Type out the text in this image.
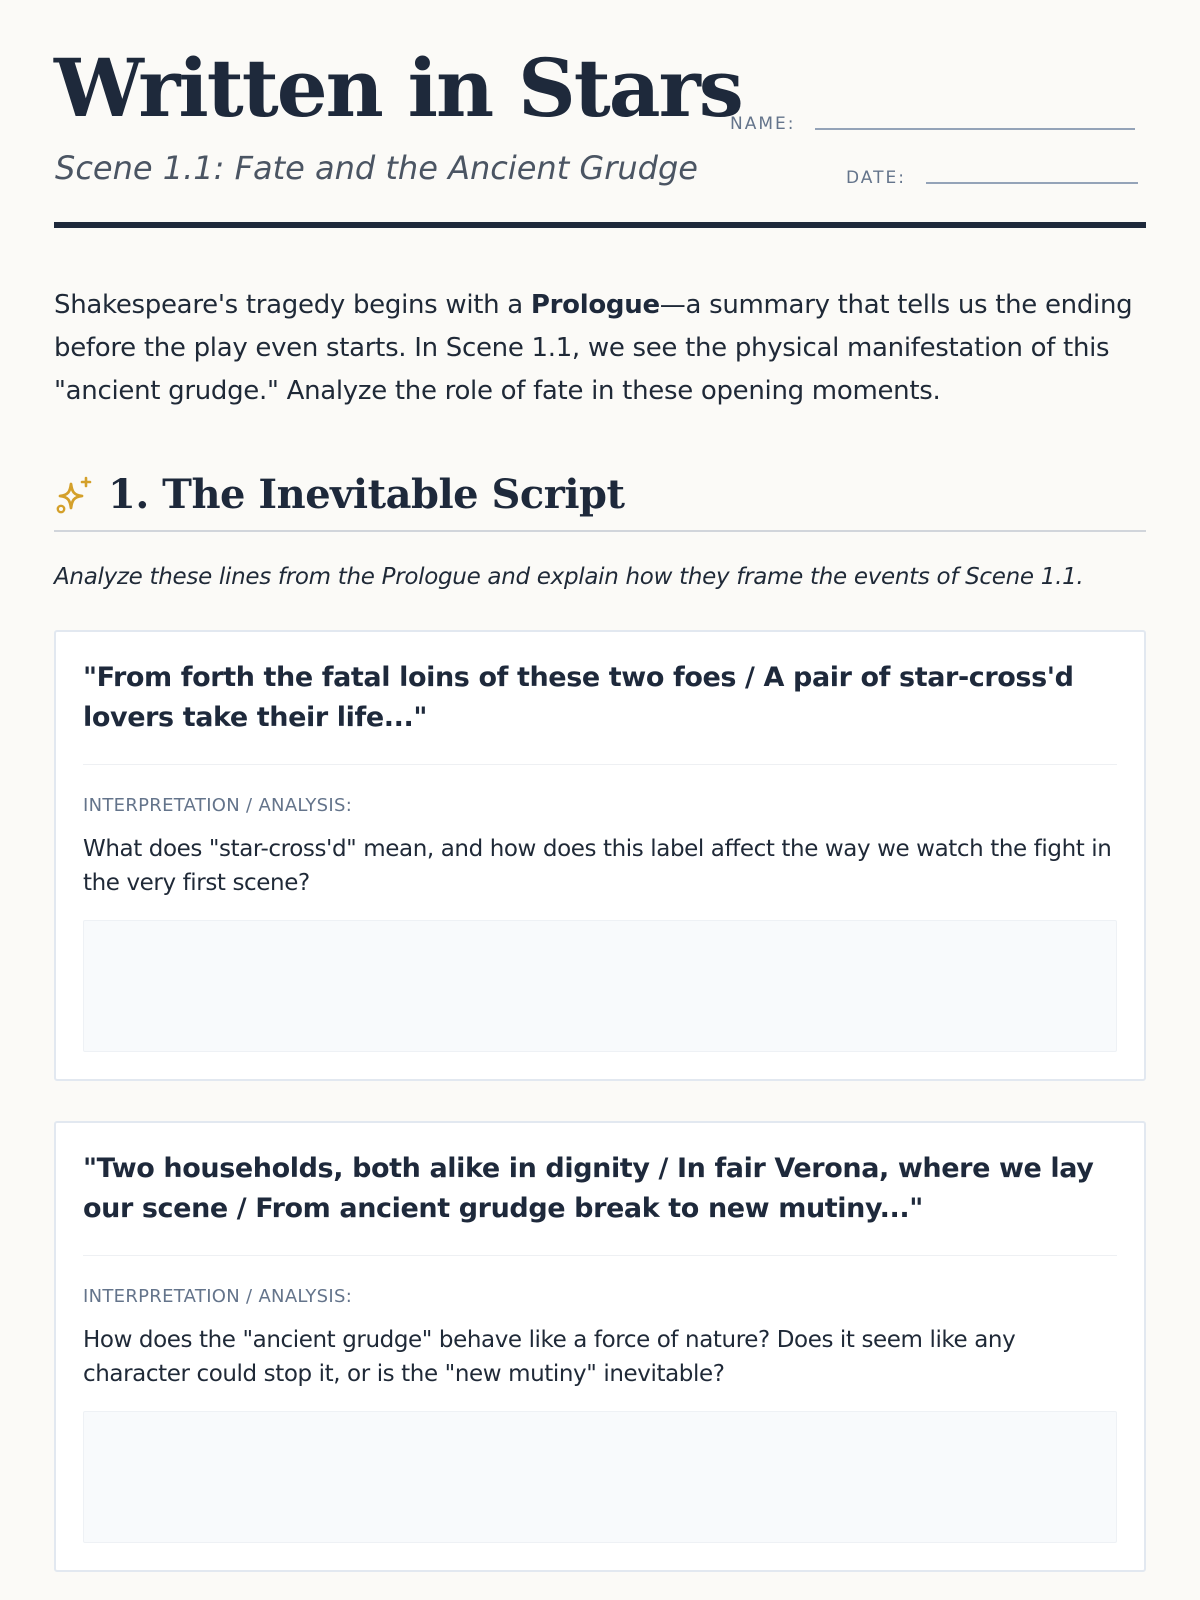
Written in Stars
Scene 1.1: Fate and the Ancient Grudge
NAME:
DATE:

Shakespeare's tragedy begins with a Prologue—a summary that tells us the ending before the play even starts. In Scene 1.1, we see the physical manifestation of this "ancient grudge." Analyze the role of fate in these opening moments.

1. The Inevitable Script

Analyze these lines from the Prologue and explain how they frame the events of Scene 1.1.

"From forth the fatal loins of these two foes / A pair of star-cross'd lovers take their life..."
INTERPRETATION / ANALYSIS:
What does "star-cross'd" mean, and how does this label affect the way we watch the fight in the very first scene?
"Two households, both alike in dignity / In fair Verona, where we lay our scene / From ancient grudge break to new mutiny..."
INTERPRETATION / ANALYSIS:
How does the "ancient grudge" behave like a force of nature? Does it seem like any character could stop it, or is the "new mutiny" inevitable?
